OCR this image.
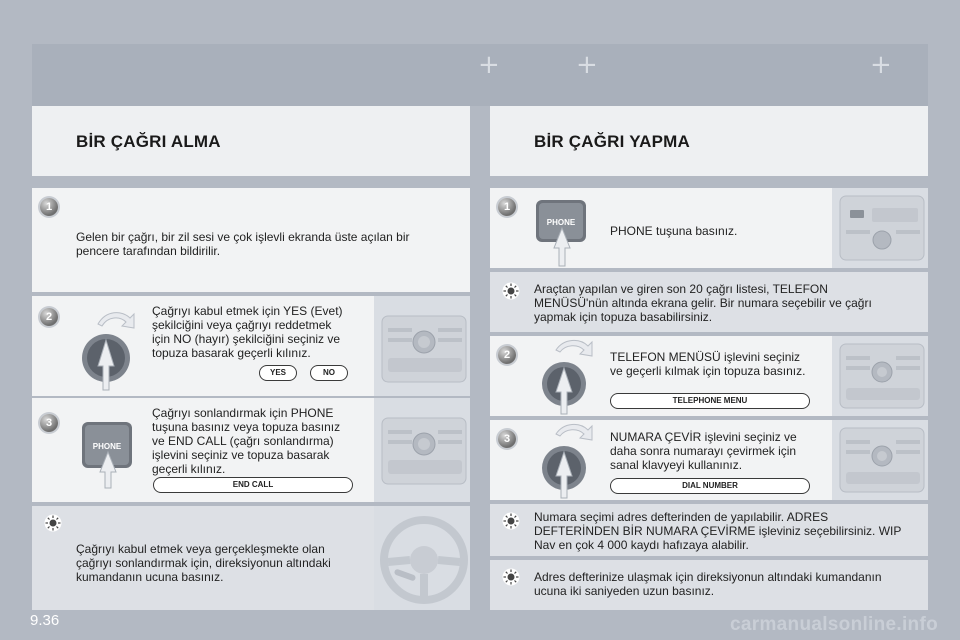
+	+	+
BİR ÇAĞRI ALMA
1
Gelen bir çağrı, bir zil sesi ve çok işlevli ekranda üste açılan bir
pencere tarafından bildirilir.
2	Çağrıyı kabul etmek için YES (Evet)
şekilciğini veya çağrıyı reddetmek
için NO (hayır) şekilciğini seçiniz ve
topuza basarak geçerli kılınız.
YES	NO
3
PHONE
Çağrıyı sonlandırmak için PHONE
tuşuna basınız veya topuza basınız
ve END CALL (çağrı sonlandırma)
işlevini seçiniz ve topuza basarak
geçerli kılınız.
END CALL
Çağrıyı kabul etmek veya gerçekleşmekte olan
çağrıyı sonlandırmak için, direksiyonun altındaki
kumandanın ucuna basınız.
BİR ÇAĞRI YAPMA
1
PHONE
PHONE tuşuna basınız.
Araçtan yapılan ve giren son 20 çağrı listesi, TELEFON
MENÜSÜ'nün altında ekrana gelir. Bir numara seçebilir ve çağrı
yapmak için topuza basabilirsiniz.
2	TELEFON MENÜSÜ işlevini seçiniz
ve geçerli kılmak için topuza basınız.
TELEPHONE MENU
3	NUMARA ÇEVİR işlevini seçiniz ve
daha sonra numarayı çevirmek için
sanal klavyeyi kullanınız.
DIAL NUMBER
Numara seçimi adres defterinden de yapılabilir. ADRES
DEFTERİNDEN BİR NUMARA ÇEVİRME işleviniz seçebilirsiniz. WIP
Nav en çok 4 000 kaydı hafızaya alabilir.
Adres defterinize ulaşmak için direksiyonun altındaki kumandanın
ucuna iki saniyeden uzun basınız.
9.36	carmanualsonline.info
